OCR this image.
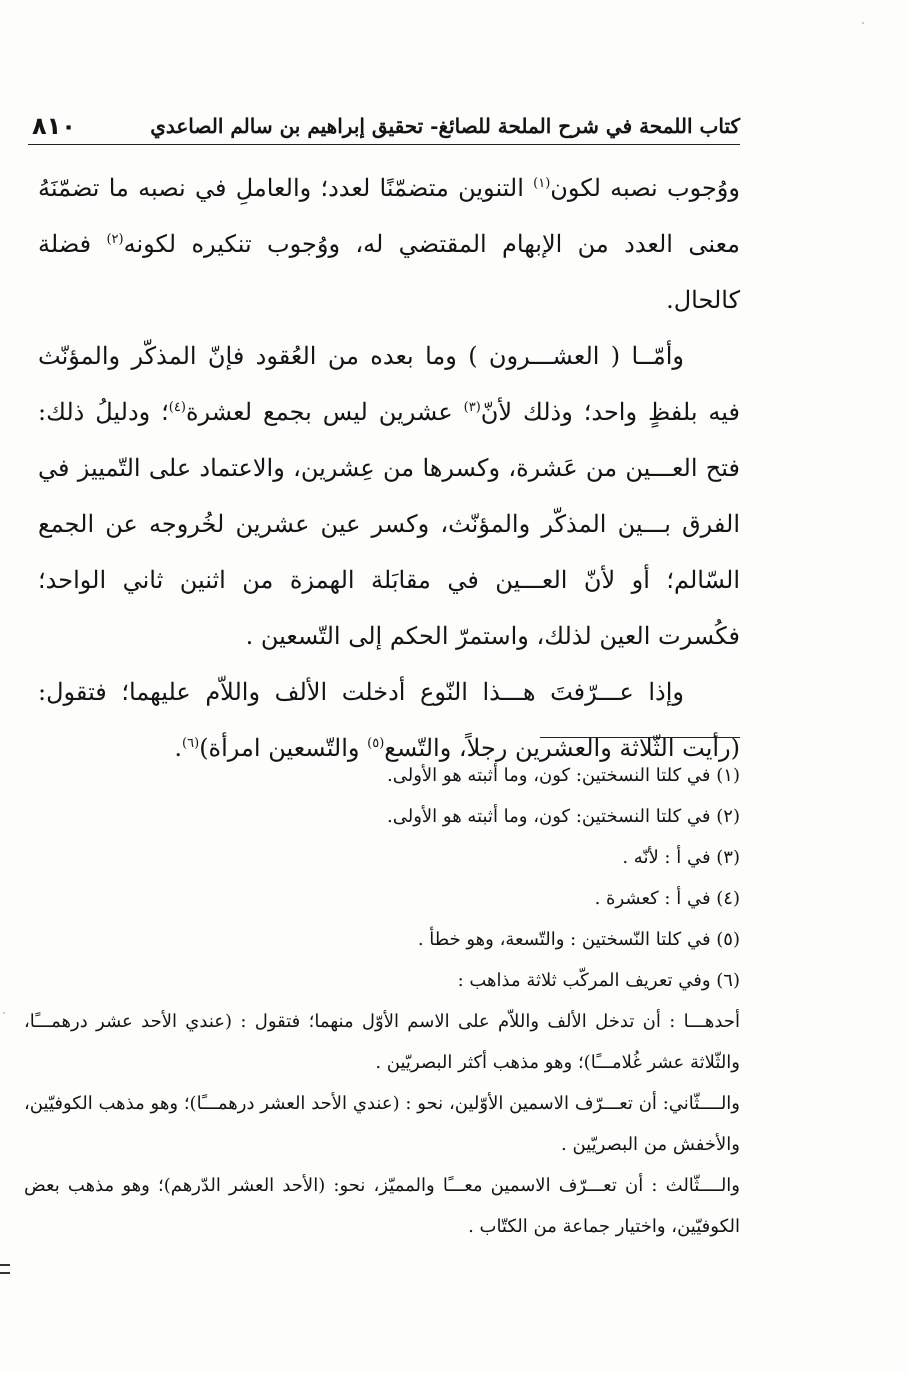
٨١٠	كتاب اللمحة في شرح الملحة للصائغ- تحقيق إبراهيم بن سالم الصاعدي

ووُجوب نصبه لكون$^{(١)}$ التنوين متضمّنًا لعدد؛ والعاملِ في نصبه ما تضمّنَهُ معنى العدد من الإبهام المقتضي له، ووُجوب تنكيره لكونه$^{(٢)}$ فضلة كالحال.

وأمّــا ( العشـــرون ) وما بعده من العُقود فإنّ المذكّر والمؤنّث فيه بلفظٍ واحد؛ وذلك لأنّ$^{(٣)}$ عشرين ليس بجمع لعشرة$^{(٤)}$؛ ودليلُ ذلك: فتح العـــين من عَشرة، وكسرها من عِشرين، والاعتماد على التّمييز في الفرق بـــين المذكّر والمؤنّث، وكسر عين عشرين لخُروجه عن الجمع السّالم؛ أو لأنّ العـــين في مقابَلة الهمزة من اثنين ثاني الواحد؛ فكُسرت العين لذلك، واستمرّ الحكم إلى التّسعين .

وإذا عـــرّفتَ هـــذا النّوع أدخلت الألف واللاّم عليهما؛ فتقول: (رأيت الثّلاثة والعشرين رجلاً، والتّسع$^{(٥)}$ والتّسعين امرأة)$^{(٦)}$.

(١) في كلتا النسختين: كون، وما أثبته هو الأولى.
(٢) في كلتا النسختين: كون، وما أثبته هو الأولى.
(٣) في أ : لأنّه .
(٤) في أ : كعشرة .
(٥) في كلتا النّسختين : والتّسعة، وهو خطأ .
(٦) وفي تعريف المركّب ثلاثة مذاهب :

أحدهـــا : أن تدخل الألف واللاّم على الاسم الأوّل منهما؛ فتقول : (عندي الأحد عشر درهمـــًا، والثّلاثة عشر غُلامـــًا)؛ وهو مذهب أكثر البصريّين .

والــــثّاني: أن تعـــرّف الاسمين الأوّلين، نحو : (عندي الأحد العشر درهمـــًا)؛ وهو مذهب الكوفيّين، والأخفش من البصريّين .

والــــثّالث : أن تعـــرّف الاسمين معـــًا والمميّز، نحو: (الأحد العشر الدّرهم)؛ وهو مذهب بعض الكوفيّين، واختيار جماعة من الكتّاب .
